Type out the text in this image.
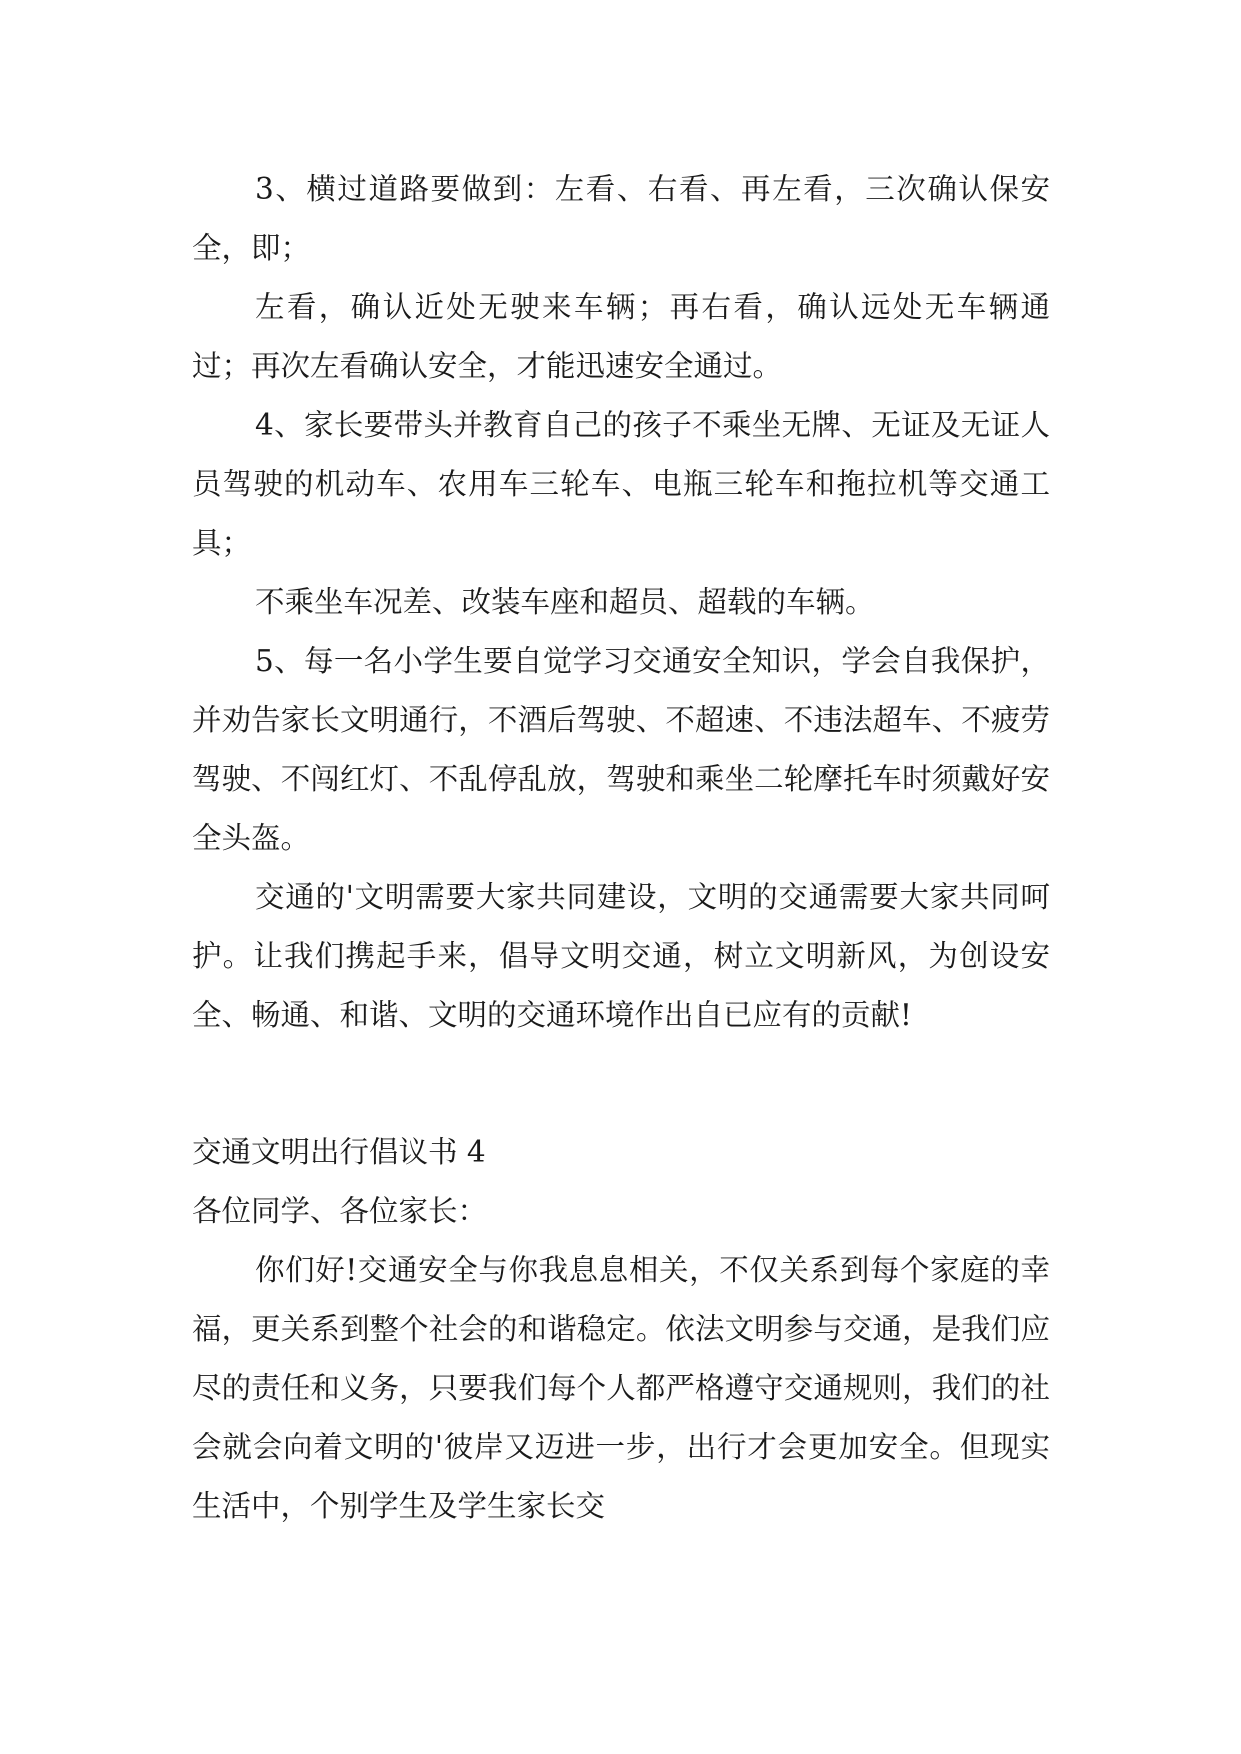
3、横过道路要做到：左看、右看、再左看，三次确认保安全，即；

左看，确认近处无驶来车辆；再右看，确认远处无车辆通过；再次左看确认安全，才能迅速安全通过。

4、家长要带头并教育自己的孩子不乘坐无牌、无证及无证人员驾驶的机动车、农用车三轮车、电瓶三轮车和拖拉机等交通工具；

不乘坐车况差、改装车座和超员、超载的车辆。

5、每一名小学生要自觉学习交通安全知识，学会自我保护，并劝告家长文明通行，不酒后驾驶、不超速、不违法超车、不疲劳驾驶、不闯红灯、不乱停乱放，驾驶和乘坐二轮摩托车时须戴好安全头盔。

交通的'文明需要大家共同建设，文明的交通需要大家共同呵护。让我们携起手来，倡导文明交通，树立文明新风，为创设安全、畅通、和谐、文明的交通环境作出自已应有的贡献!

交通文明出行倡议书 4

各位同学、各位家长：

你们好!交通安全与你我息息相关，不仅关系到每个家庭的幸福，更关系到整个社会的和谐稳定。依法文明参与交通，是我们应尽的责任和义务，只要我们每个人都严格遵守交通规则，我们的社会就会向着文明的'彼岸又迈进一步，出行才会更加安全。但现实生活中，个别学生及学生家长交
